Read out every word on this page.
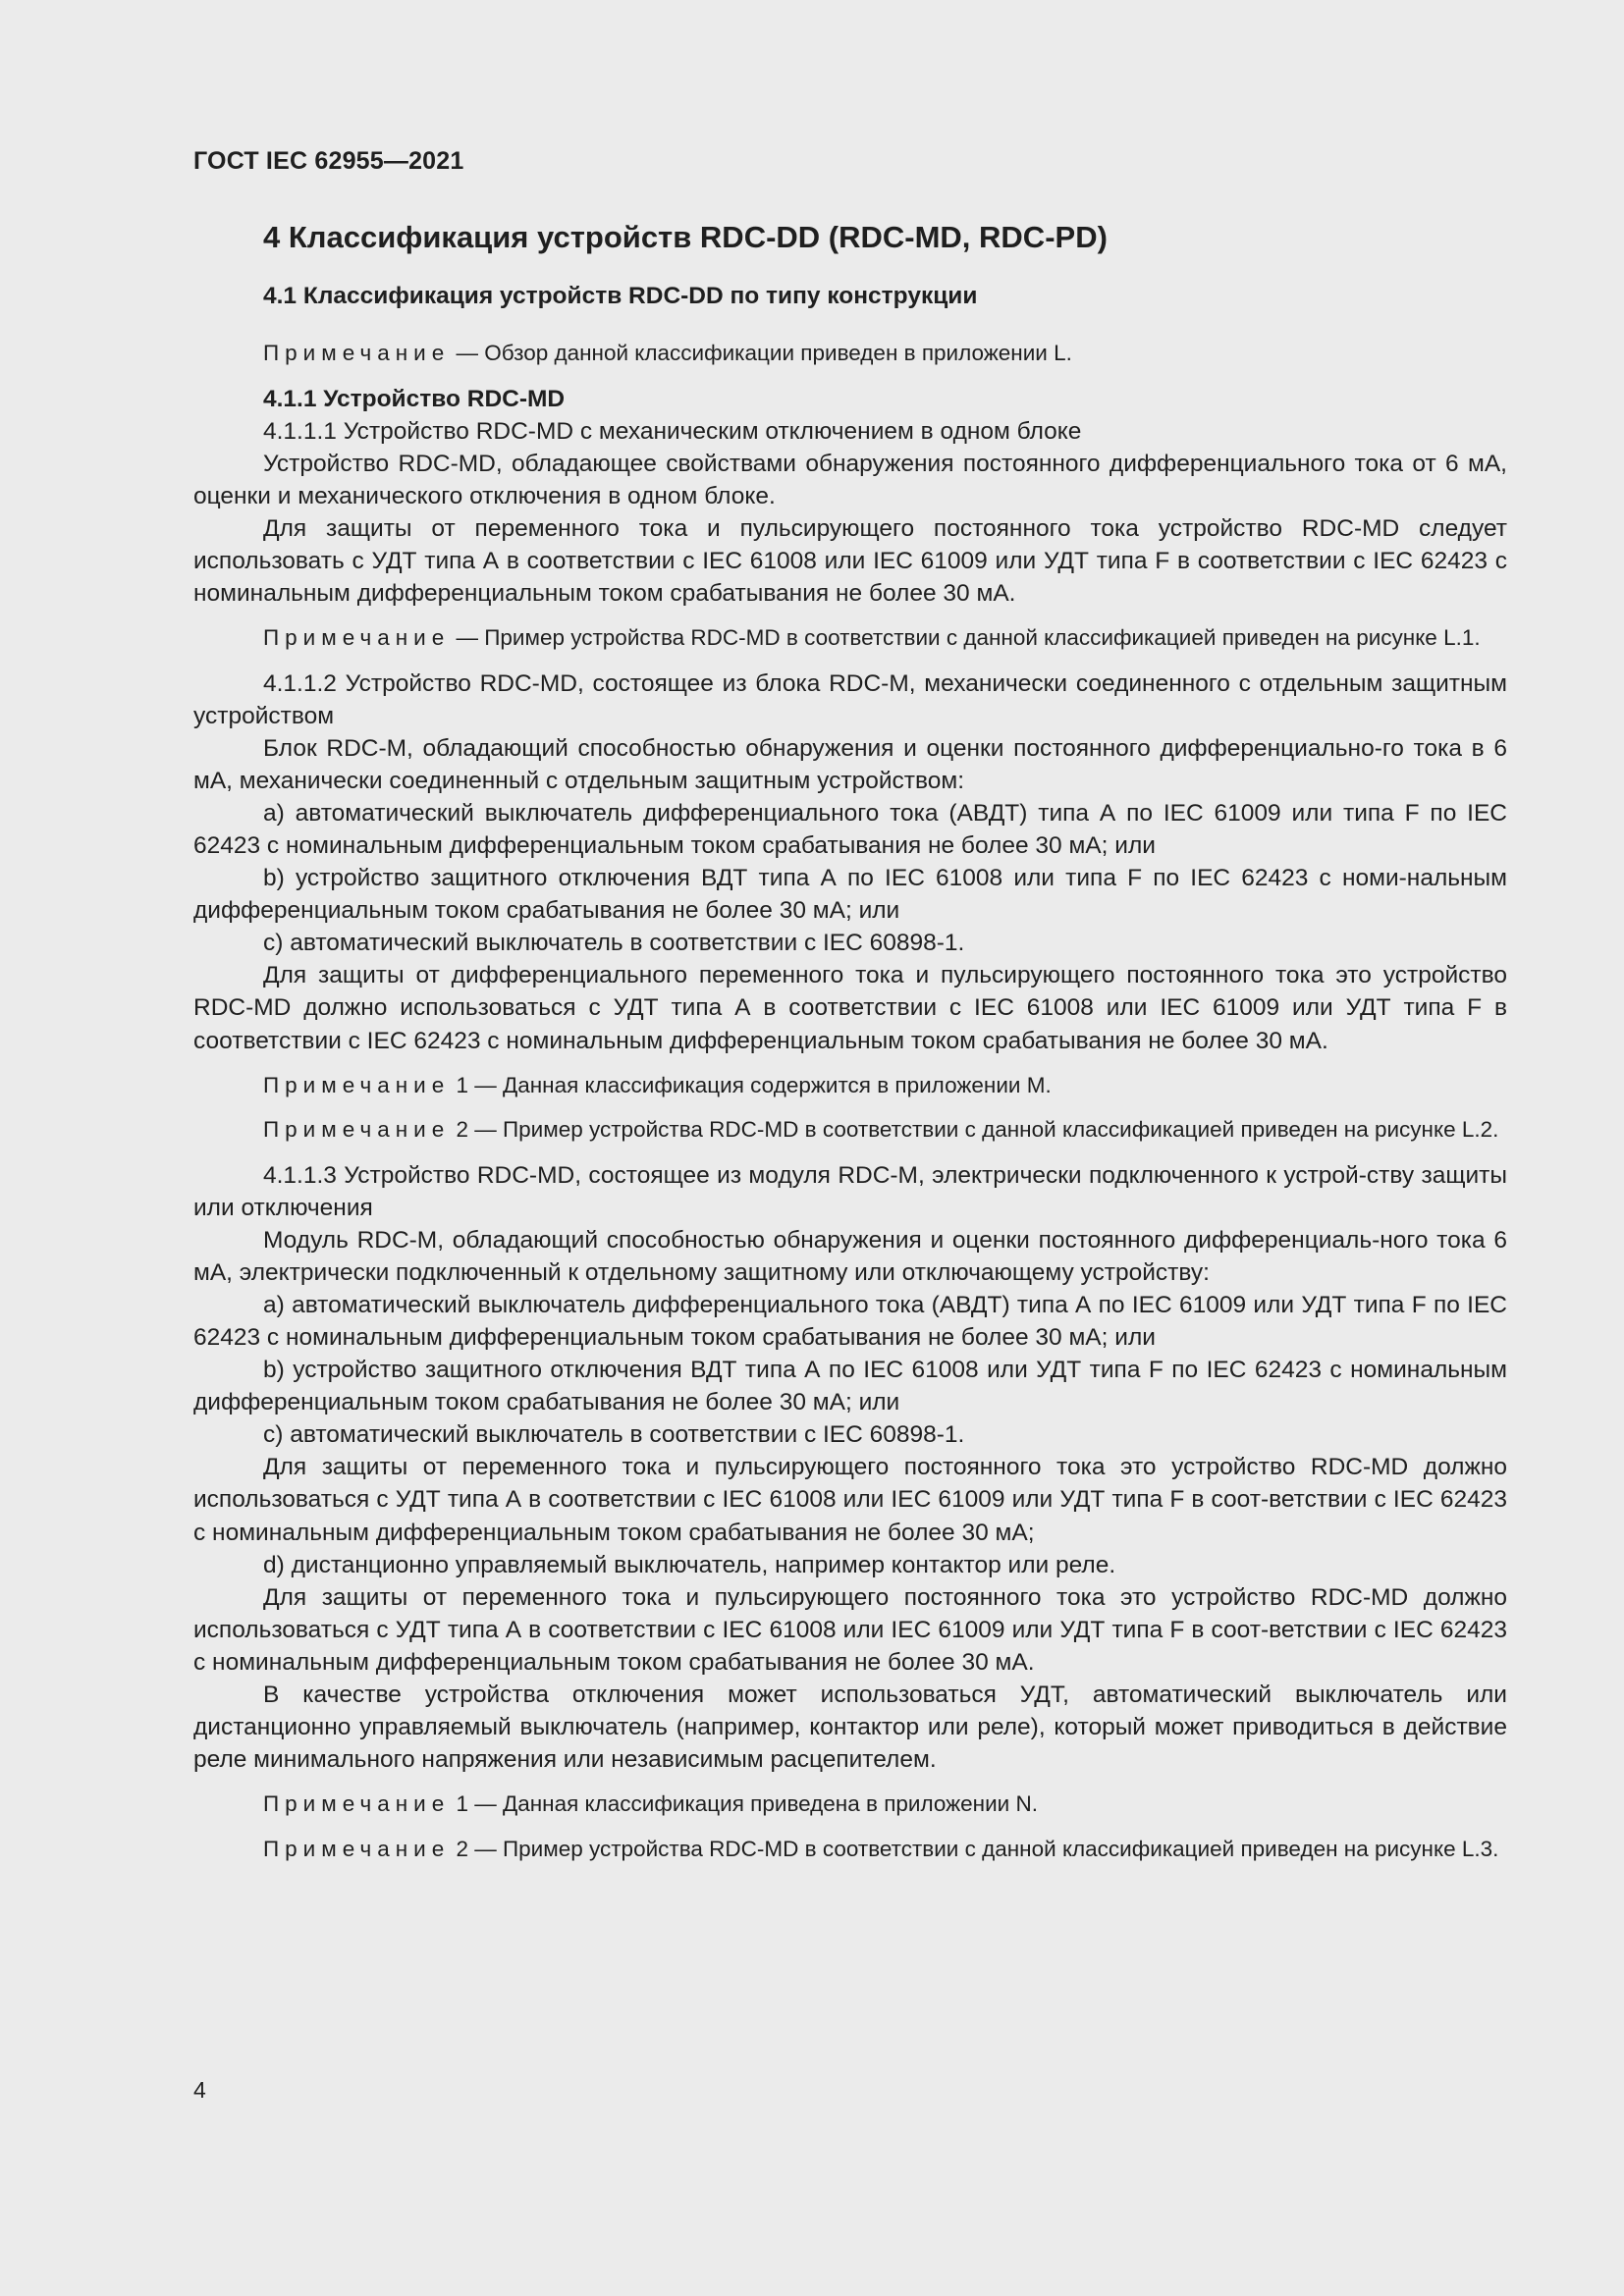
ГОСТ IEC 62955—2021
4 Классификация устройств RDC-DD (RDC-MD, RDC-PD)
4.1 Классификация устройств RDC-DD по типу конструкции

Примечание — Обзор данной классификации приведен в приложении L.

4.1.1 Устройство RDC-MD

4.1.1.1 Устройство RDC-MD с механическим отключением в одном блоке

Устройство RDC-MD, обладающее свойствами обнаружения постоянного дифференциального тока от 6 мА, оценки и механического отключения в одном блоке.

Для защиты от переменного тока и пульсирующего постоянного тока устройство RDC-MD следует использовать с УДТ типа А в соответствии с IEC 61008 или IEC 61009 или УДТ типа F в соответствии с IEC 62423 с номинальным дифференциальным током срабатывания не более 30 мА.

Примечание — Пример устройства RDC-MD в соответствии с данной классификацией приведен на рисунке L.1.

4.1.1.2 Устройство RDC-MD, состоящее из блока RDC-M, механически соединенного с отдельным защитным устройством

Блок RDC-M, обладающий способностью обнаружения и оценки постоянного дифференциально-го тока в 6 мА, механически соединенный с отдельным защитным устройством:

a) автоматический выключатель дифференциального тока (АВДТ) типа А по IEC 61009 или типа F по IEC 62423 с номинальным дифференциальным током срабатывания не более 30 мА; или

b) устройство защитного отключения ВДТ типа А по IEC 61008 или типа F по IEC 62423 с номи-нальным дифференциальным током срабатывания не более 30 мА; или

c) автоматический выключатель в соответствии с IEC 60898-1.

Для защиты от дифференциального переменного тока и пульсирующего постоянного тока это устройство RDC-MD должно использоваться с УДТ типа А в соответствии с IEC 61008 или IEC 61009 или УДТ типа F в соответствии с IEC 62423 с номинальным дифференциальным током срабатывания не более 30 мА.

Примечание 1 — Данная классификация содержится в приложении М.

Примечание 2 — Пример устройства RDC-MD в соответствии с данной классификацией приведен на рисунке L.2.

4.1.1.3 Устройство RDC-MD, состоящее из модуля RDC-M, электрически подключенного к устрой-ству защиты или отключения

Модуль RDC-M, обладающий способностью обнаружения и оценки постоянного дифференциаль-ного тока 6 мА, электрически подключенный к отдельному защитному или отключающему устройству:

a) автоматический выключатель дифференциального тока (АВДТ) типа А по IEC 61009 или УДТ типа F по IEC 62423 с номинальным дифференциальным током срабатывания не более 30 мА; или

b) устройство защитного отключения ВДТ типа А по IEC 61008 или УДТ типа F по IEC 62423 с номинальным дифференциальным током срабатывания не более 30 мА; или

c) автоматический выключатель в соответствии с IEC 60898-1.

Для защиты от переменного тока и пульсирующего постоянного тока это устройство RDC-MD должно использоваться с УДТ типа А в соответствии с IEC 61008 или IEC 61009 или УДТ типа F в соот-ветствии с IEC 62423 с номинальным дифференциальным током срабатывания не более 30 мА;

d) дистанционно управляемый выключатель, например контактор или реле.

Для защиты от переменного тока и пульсирующего постоянного тока это устройство RDC-MD должно использоваться с УДТ типа А в соответствии с IEC 61008 или IEC 61009 или УДТ типа F в соот-ветствии с IEC 62423 с номинальным дифференциальным током срабатывания не более 30 мА.

В качестве устройства отключения может использоваться УДТ, автоматический выключатель или дистанционно управляемый выключатель (например, контактор или реле), который может приводиться в действие реле минимального напряжения или независимым расцепителем.

Примечание 1 — Данная классификация приведена в приложении N.

Примечание 2 — Пример устройства RDC-MD в соответствии с данной классификацией приведен на рисунке L.3.

4
